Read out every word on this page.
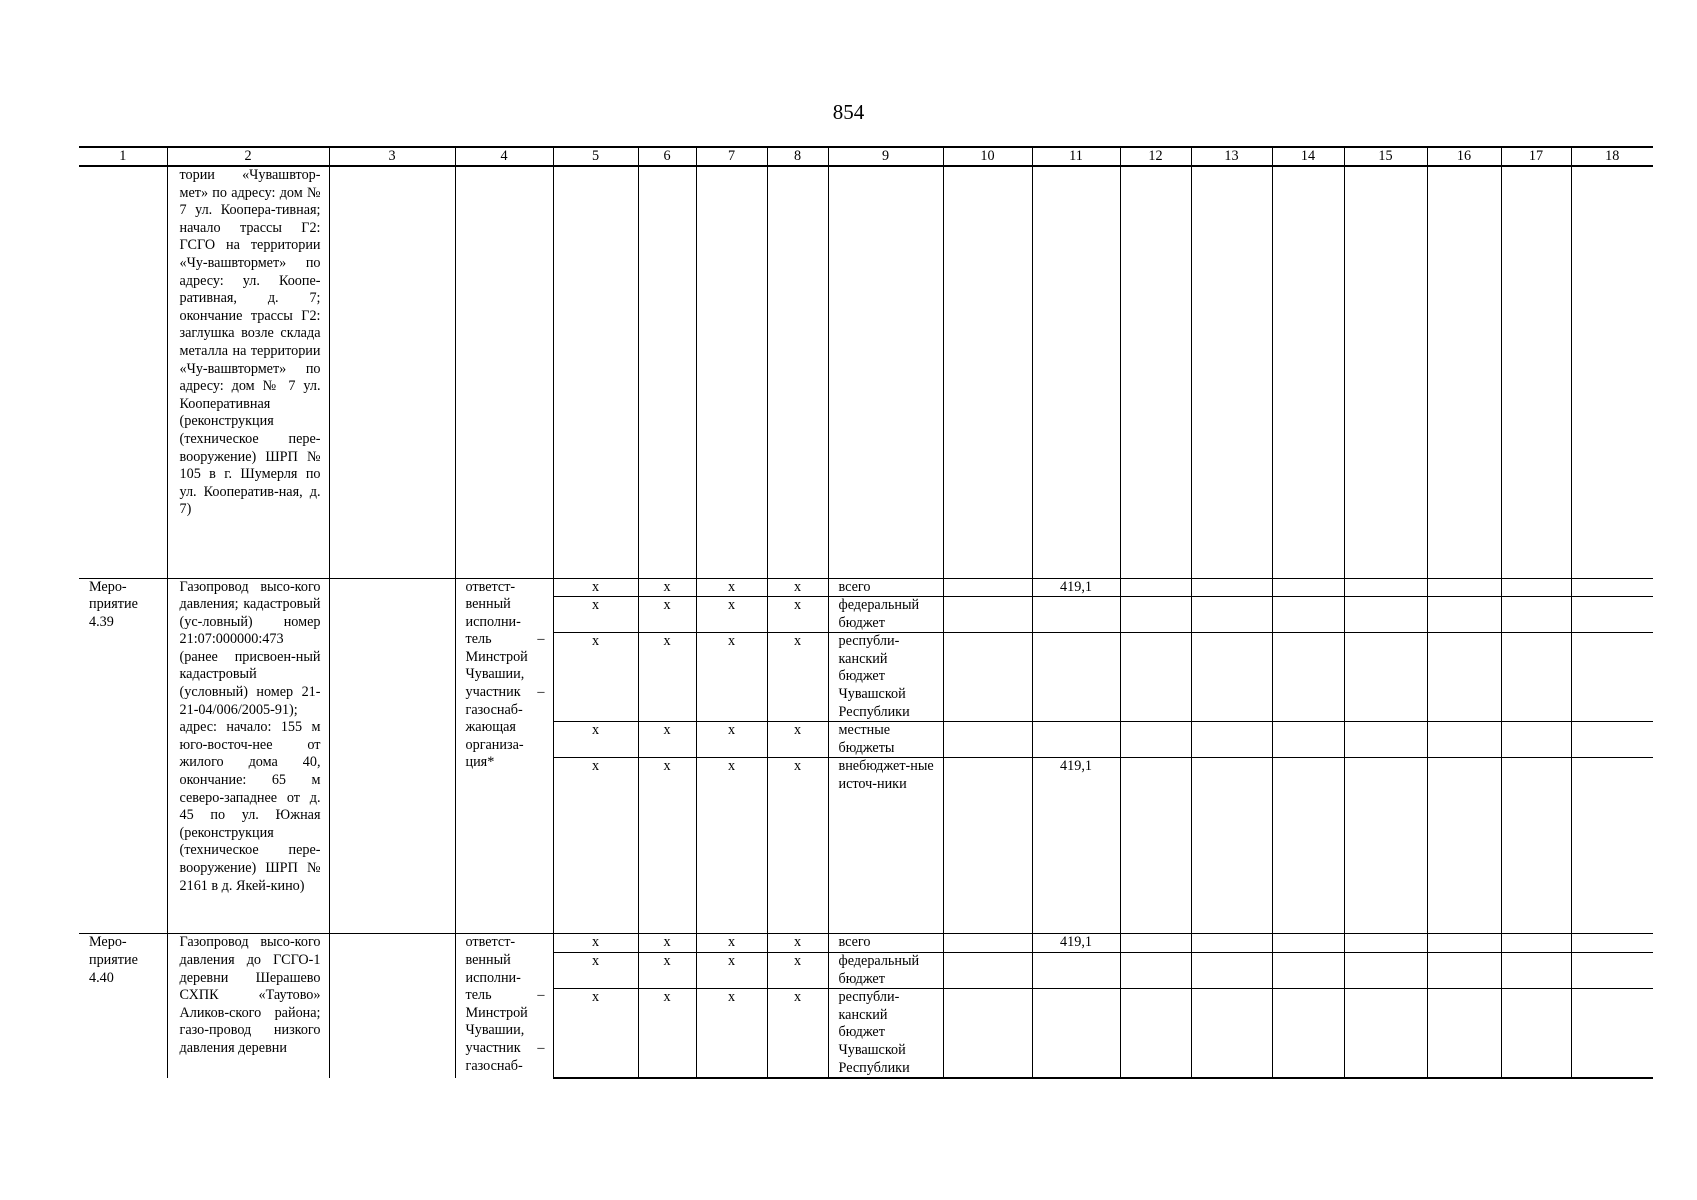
854
1	2	3	4	5	6	7	8	9	10	11	12	13	14	15	16	17	18
	тории «Чувашвтор-мет» по адресу: дом № 7 ул. Коопера-тивная; начало трассы Г2: ГСГО на территории «Чу-вашвтормет» по адресу: ул. Коопе-ративная, д. 7; окончание трассы Г2: заглушка возле склада металла на территории «Чу-вашвтормет» по адресу: дом № 7 ул. Кооперативная (реконструкция (техническое пере-вооружение) ШРП № 105 в г. Шумерля по ул. Кооператив-ная, д. 7)																
Меро-приятие 4.39	Газопровод высо-кого давления; кадастровый (ус-ловный) номер 21:07:000000:473 (ранее присвоен-ный кадастровый (условный) номер 21-21-04/006/2005-91); адрес: начало: 155 м юго-восточ-нее от жилого дома 40, окончание: 65 м северо-западнее от д. 45 по ул. Южная (реконструкция (техническое пере-вооружение) ШРП № 2161 в д. Якей-кино)		ответст-венный исполни-тель – Минстрой Чувашии, участник – газоснаб-жающая организа-ция*	х	х	х	х	всего		419,1							
				х	х	х	х	федеральный бюджет									
				х	х	х	х	республи-канский бюджет Чувашской Республики									
				х	х	х	х	местные бюджеты									
				х	х	х	х	внебюджет-ные источ-ники		419,1							
Меро-приятие 4.40	Газопровод высо-кого давления до ГСГО-1 деревни Шерашево СХПК «Таутово» Аликов-ского района; газо-провод низкого давления деревни		ответст-венный исполни-тель – Минстрой Чувашии, участник – газоснаб-	х	х	х	х	всего		419,1							
				х	х	х	х	федеральный бюджет									
				х	х	х	х	республи-канский бюджет Чувашской Республики									
